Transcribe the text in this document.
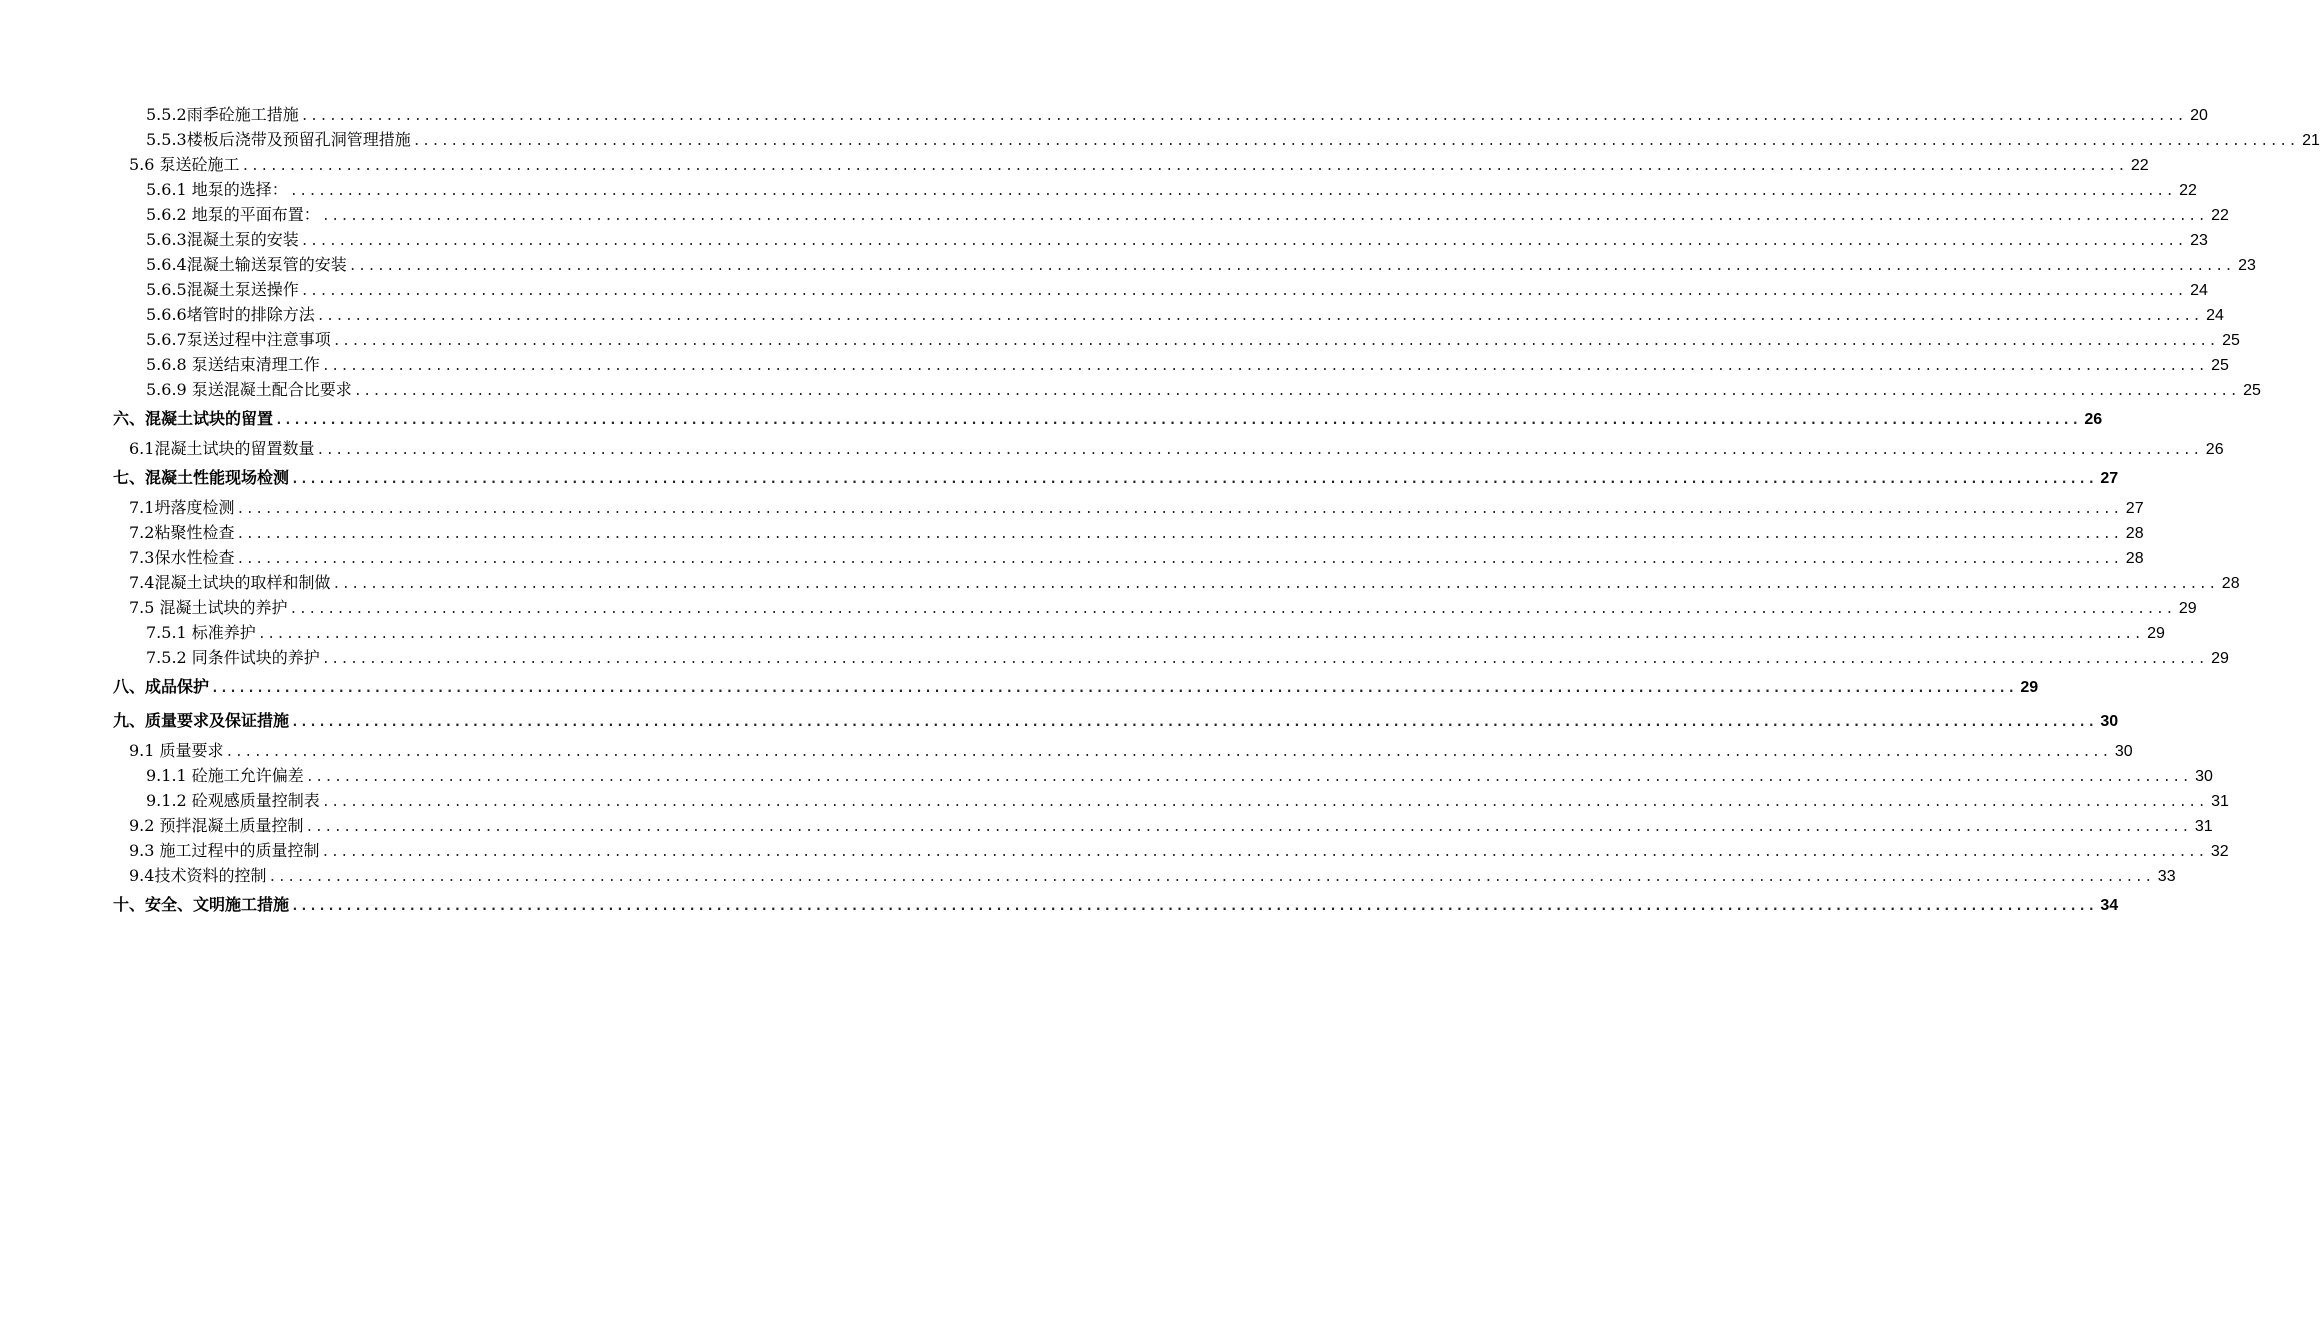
5.5.2雨季砼施工措施 ........................................................................................................................................................................................................ 20
5.5.3楼板后浇带及预留孔洞管理措施 ........................................................................................................................................................................................................ 21
5.6 泵送砼施工 ........................................................................................................................................................................................................ 22
5.6.1 地泵的选择： ........................................................................................................................................................................................................ 22
5.6.2 地泵的平面布置： ........................................................................................................................................................................................................ 22
5.6.3混凝土泵的安装 ........................................................................................................................................................................................................ 23
5.6.4混凝土输送泵管的安装 ........................................................................................................................................................................................................ 23
5.6.5混凝土泵送操作 ........................................................................................................................................................................................................ 24
5.6.6堵管时的排除方法 ........................................................................................................................................................................................................ 24
5.6.7泵送过程中注意事项 ........................................................................................................................................................................................................ 25
5.6.8 泵送结束清理工作 ........................................................................................................................................................................................................ 25
5.6.9 泵送混凝土配合比要求 ........................................................................................................................................................................................................ 25
六、混凝土试块的留置 ........................................................................................................................................................................................................ 26
6.1混凝土试块的留置数量 ........................................................................................................................................................................................................ 26
七、混凝土性能现场检测 ........................................................................................................................................................................................................ 27
7.1坍落度检测 ........................................................................................................................................................................................................ 27
7.2粘聚性检查 ........................................................................................................................................................................................................ 28
7.3保水性检查 ........................................................................................................................................................................................................ 28
7.4混凝土试块的取样和制做 ........................................................................................................................................................................................................ 28
7.5 混凝土试块的养护 ........................................................................................................................................................................................................ 29
7.5.1 标准养护 ........................................................................................................................................................................................................ 29
7.5.2 同条件试块的养护 ........................................................................................................................................................................................................ 29
八、成品保护 ........................................................................................................................................................................................................ 29
九、质量要求及保证措施 ........................................................................................................................................................................................................ 30
9.1 质量要求 ........................................................................................................................................................................................................ 30
9.1.1 砼施工允许偏差 ........................................................................................................................................................................................................ 30
9.1.2 砼观感质量控制表 ........................................................................................................................................................................................................ 31
9.2 预拌混凝土质量控制 ........................................................................................................................................................................................................ 31
9.3 施工过程中的质量控制 ........................................................................................................................................................................................................ 32
9.4技术资料的控制 ........................................................................................................................................................................................................ 33
十、安全、文明施工措施 ........................................................................................................................................................................................................ 34
